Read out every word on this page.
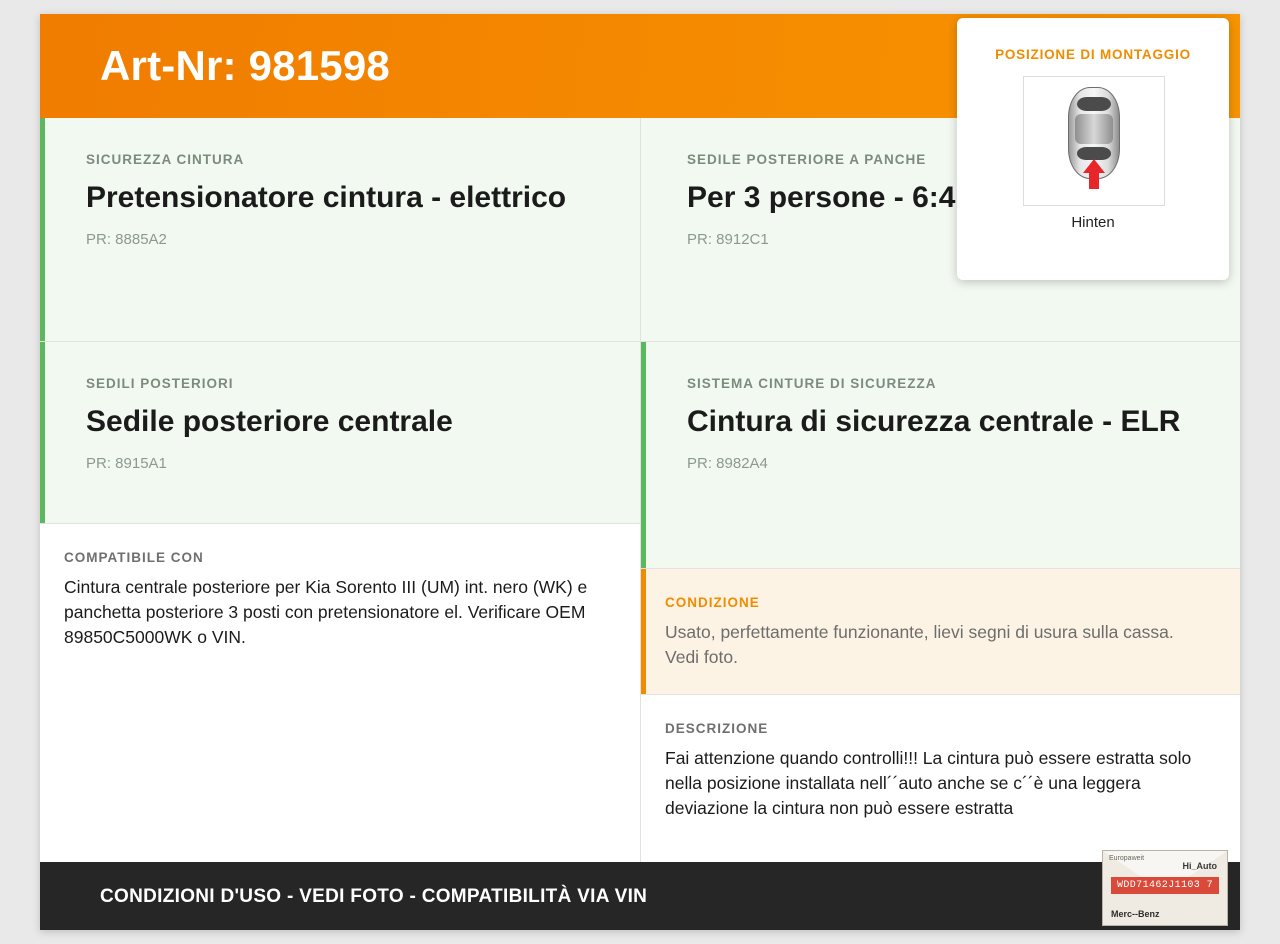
Art-Nr: 981598	POSIZIONE DI MONTAGGIO
Hinten

SICUREZZA CINTURA

Pretensionatore cintura - elettrico

PR: 8885A2

SEDILI POSTERIORI

Sedile posteriore centrale

PR: 8915A1

COMPATIBILE CON

Cintura centrale posteriore per Kia Sorento III (UM) int. nero (WK) e panchetta posteriore 3 posti con pretensionatore el. Verificare OEM 89850C5000WK o VIN.

SEDILE POSTERIORE A PANCHE

Per 3 persone - 6:4

PR: 8912C1

SISTEMA CINTURE DI SICUREZZA

Cintura di sicurezza centrale - ELR

PR: 8982A4

CONDIZIONE

Usato, perfettamente funzionante, lievi segni di usura sulla cassa. Vedi foto.

DESCRIZIONE

Fai attenzione quando controlli!!! La cintura può essere estratta solo nella posizione installata nell´´auto anche se c´´è una leggera deviazione la cintura non può essere estratta

CONDIZIONI D'USO - VEDI FOTO - COMPATIBILITÀ VIA VIN
Europaweit
Hi_Auto
WDD71462J1103 7
Merc--Benz
